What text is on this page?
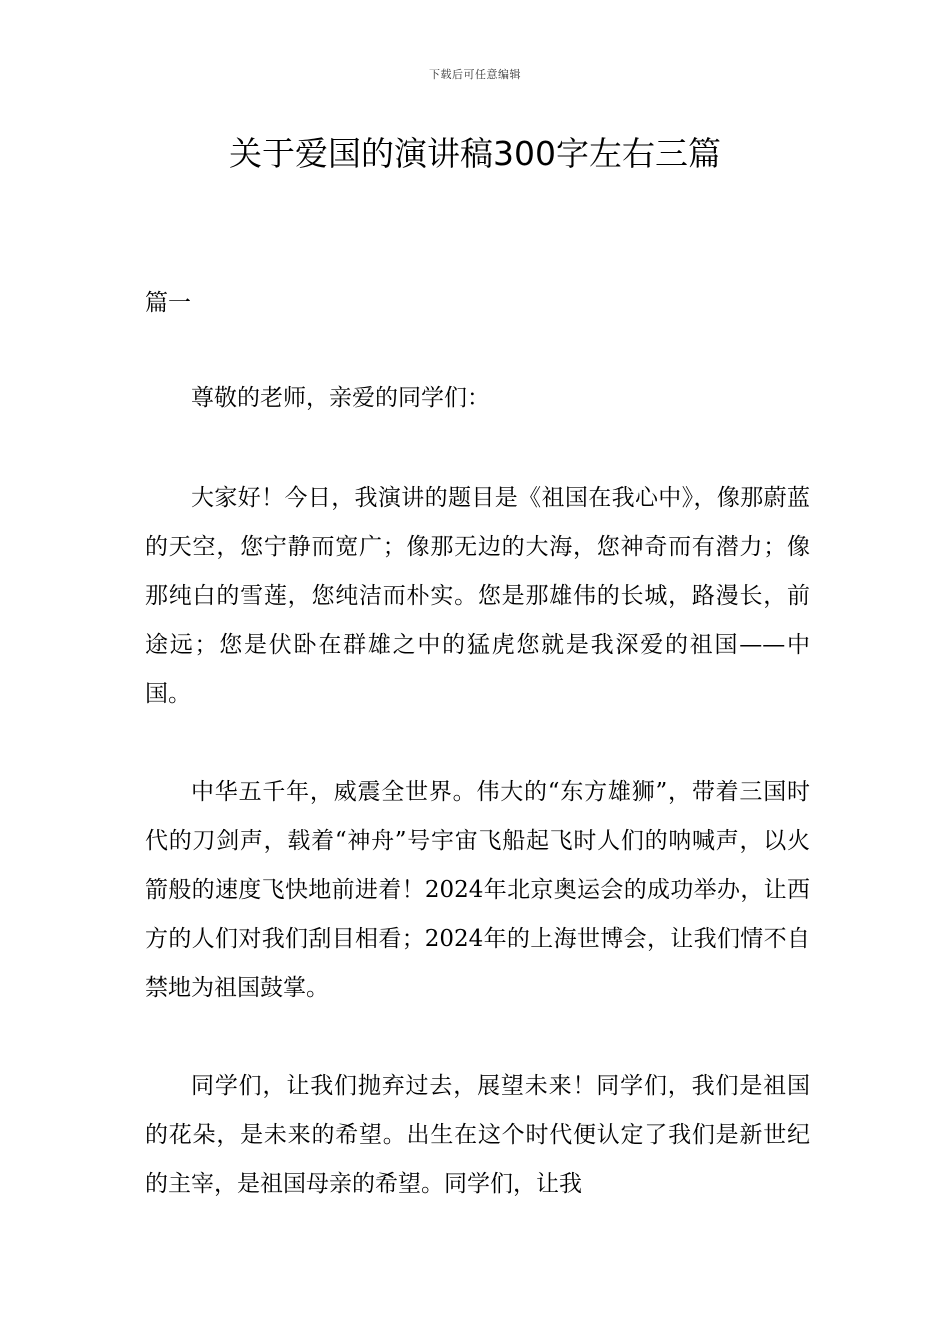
下载后可任意编辑
关于爱国的演讲稿300字左右三篇

篇一

尊敬的老师，亲爱的同学们：

大家好！今日，我演讲的题目是《祖国在我心中》，像那蔚蓝的天空，您宁静而宽广；像那无边的大海，您神奇而有潜力；像那纯白的雪莲，您纯洁而朴实。您是那雄伟的长城，路漫长，前途远；您是伏卧在群雄之中的猛虎您就是我深爱的祖国——中国。

中华五千年，威震全世界。伟大的“东方雄狮”，带着三国时代的刀剑声，载着“神舟”号宇宙飞船起飞时人们的呐喊声，以火箭般的速度飞快地前进着！2024年北京奥运会的成功举办，让西方的人们对我们刮目相看；2024年的上海世博会，让我们情不自禁地为祖国鼓掌。

同学们，让我们抛弃过去，展望未来！同学们，我们是祖国的花朵，是未来的希望。出生在这个时代便认定了我们是新世纪的主宰，是祖国母亲的希望。同学们，让我
